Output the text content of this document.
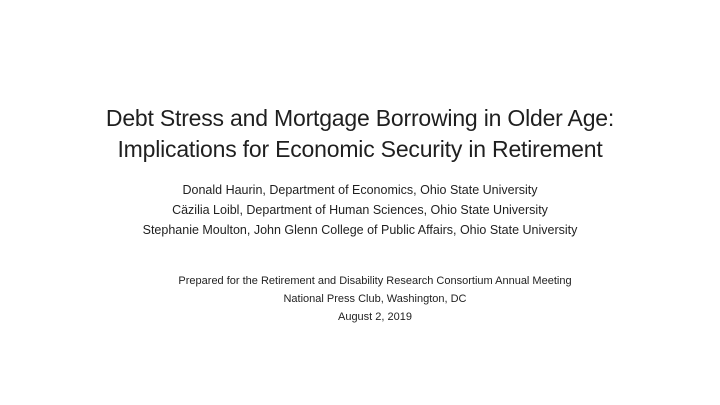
Debt Stress and Mortgage Borrowing in Older Age:
Implications for Economic Security in Retirement
Donald Haurin, Department of Economics, Ohio State University
Cäzilia Loibl, Department of Human Sciences, Ohio State University
Stephanie Moulton, John Glenn College of Public Affairs, Ohio State University
Prepared for the Retirement and Disability Research Consortium Annual Meeting
National Press Club, Washington, DC
August 2, 2019
